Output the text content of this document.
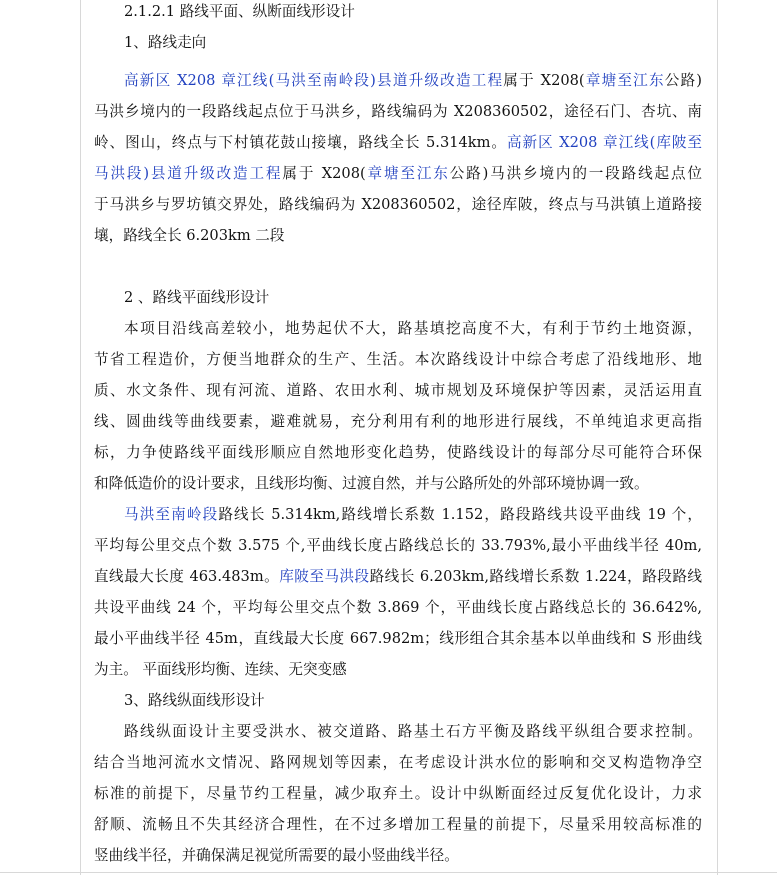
2.1.2.1 路线平面、纵断面线形设计
1、路线走向
高新区 X208 章江线(马洪至南岭段)县道升级改造工程属于 X208(章塘至江东公路)
马洪乡境内的一段路线起点位于马洪乡，路线编码为 X208360502，途径石门、杏坑、南
岭、图山，终点与下村镇花鼓山接壤，路线全长 5.314km。高新区 X208 章江线(库陂至
马洪段)县道升级改造工程属于 X208(章塘至江东公路)马洪乡境内的一段路线起点位
于马洪乡与罗坊镇交界处，路线编码为 X208360502，途径库陂，终点与马洪镇上道路接
壤，路线全长 6.203km 二段
2 、路线平面线形设计
本项目沿线高差较小，地势起伏不大，路基填挖高度不大，有利于节约土地资源，
节省工程造价，方便当地群众的生产、生活。本次路线设计中综合考虑了沿线地形、地
质、水文条件、现有河流、道路、农田水利、城市规划及环境保护等因素，灵活运用直
线、圆曲线等曲线要素，避难就易，充分利用有利的地形进行展线，不单纯追求更高指
标，力争使路线平面线形顺应自然地形变化趋势，使路线设计的每部分尽可能符合环保
和降低造价的设计要求，且线形均衡、过渡自然，并与公路所处的外部环境协调一致。
马洪至南岭段路线长 5.314km,路线增长系数 1.152，路段路线共设平曲线 19 个，
平均每公里交点个数 3.575 个,平曲线长度占路线总长的 33.793%,最小平曲线半径 40m,
直线最大长度 463.483m。库陂至马洪段路线长 6.203km,路线增长系数 1.224，路段路线
共设平曲线 24 个，平均每公里交点个数 3.869 个，平曲线长度占路线总长的 36.642%,
最小平曲线半径 45m，直线最大长度 667.982m；线形组合其余基本以单曲线和 S 形曲线
为主。 平面线形均衡、连续、无突变感
3、路线纵面线形设计
路线纵面设计主要受洪水、被交道路、路基土石方平衡及路线平纵组合要求控制。
结合当地河流水文情况、路网规划等因素，在考虑设计洪水位的影响和交叉构造物净空
标准的前提下，尽量节约工程量，减少取弃土。设计中纵断面经过反复优化设计，力求
舒顺、流畅且不失其经济合理性，在不过多增加工程量的前提下，尽量采用较高标准的
竖曲线半径，并确保满足视觉所需要的最小竖曲线半径。
